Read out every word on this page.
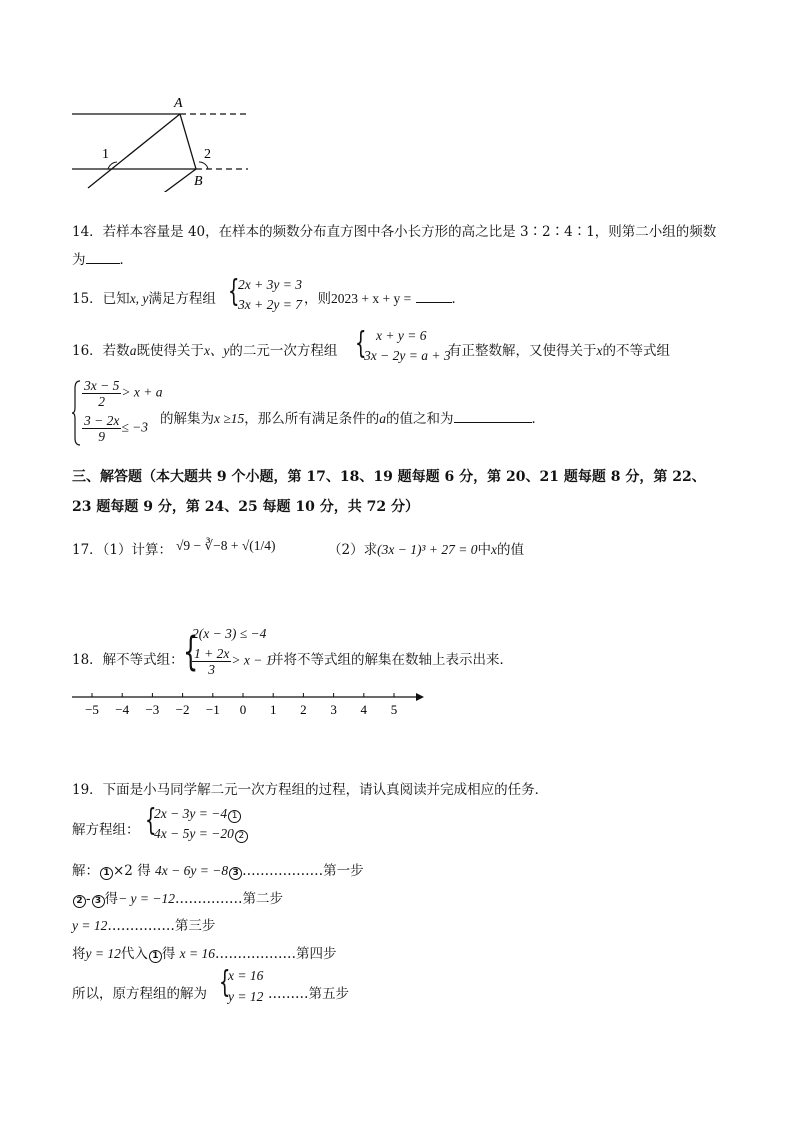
A
B
1	2
14．若样本容量是 40，在样本的频数分布直方图中各小长方形的高之比是 3∶2∶4∶1，则第二小组的频数
为	．
15．已知x, y满足方程组 {
2x + 3y = 3
3x + 2y = 7 ，则2023 + x + y =	．
16．若数a既使得关于x、y的二元一次方程组 { x + y = 6
3x − 2y = a + 3
有正整数解，又使得关于x的不等式组
$\frac{3x - 5}{2} > x + a$
$\frac{3 - 2x}{9} \le -3$
的解集为x ≥15，那么所有满足条件的a的值之和为	．
三、解答题（本大题共 9 个小题，第 17、18、19 题每题 6 分，第 20、21 题每题 8 分，第 22、
23 题每题 9 分，第 24、25 每题 10 分，共 72 分）
17．（1）计算： √9 − ∛−8 + √(1/4)	（2）求(3x − 1)³ + 27 = 0中x的值
18．解不等式组： {
2(x − 3) ≤ −4
$\frac{1 + 2x}{3} > x - 1$
并将不等式组的解集在数轴上表示出来．
−5 −4 −3 −2 −1 0 1 2 3 4 5
19．下面是小马同学解二元一次方程组的过程，请认真阅读并完成相应的任务．
解方程组： {
2x − 3y = −4 1
4x − 5y = −20 2
解： 1 ×2 得 4x − 6y = −8 3 ………………第一步
2 - 3 得− y = −12……………第二步
y = 12……………第三步
将y = 12代入 1 得 x = 16………………第四步
所以，原方程组的解为 {
x = 16
y = 12 ………第五步
